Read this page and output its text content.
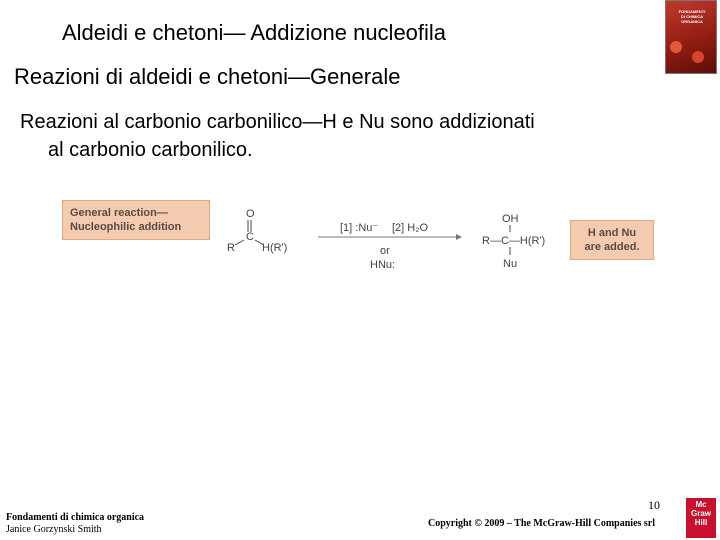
Aldeidi e chetoni— Addizione nucleofila
FONDAMENTI
DI CHIMICA
ORGANICA
Reazioni di aldeidi e chetoni—Generale
Reazioni al carbonio carbonilico—H e Nu sono addizionati
al carbonio carbonilico.
General reaction—
Nucleophilic addition
O
C
R H(R')
[1] :Nu⁻ [2] H₂O
or
HNu:
OH
R—C—H(R')
Nu
H and Nu
are added.
Fondamenti di chimica organica
Janice Gorzynski Smith
10
Copyright © 2009 – The McGraw-Hill Companies srl
Mc
Graw
Hill
